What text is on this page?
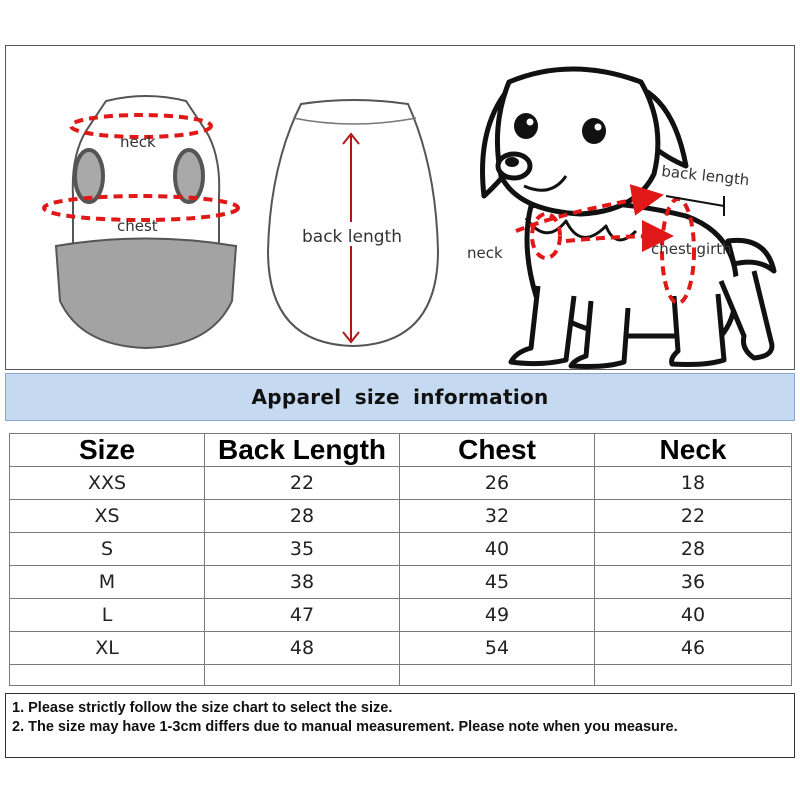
neck
chest
back length
back length
neck	chest girth
Apparel size information
Size	Back Length	Chest	Neck
XXS	22	26	18
XS	28	32	22
S	35	40	28
M	38	45	36
L	47	49	40
XL	48	54	46

1. Please strictly follow the size chart to select the size.
2. The size may have 1-3cm differs due to manual measurement. Please note when you measure.
